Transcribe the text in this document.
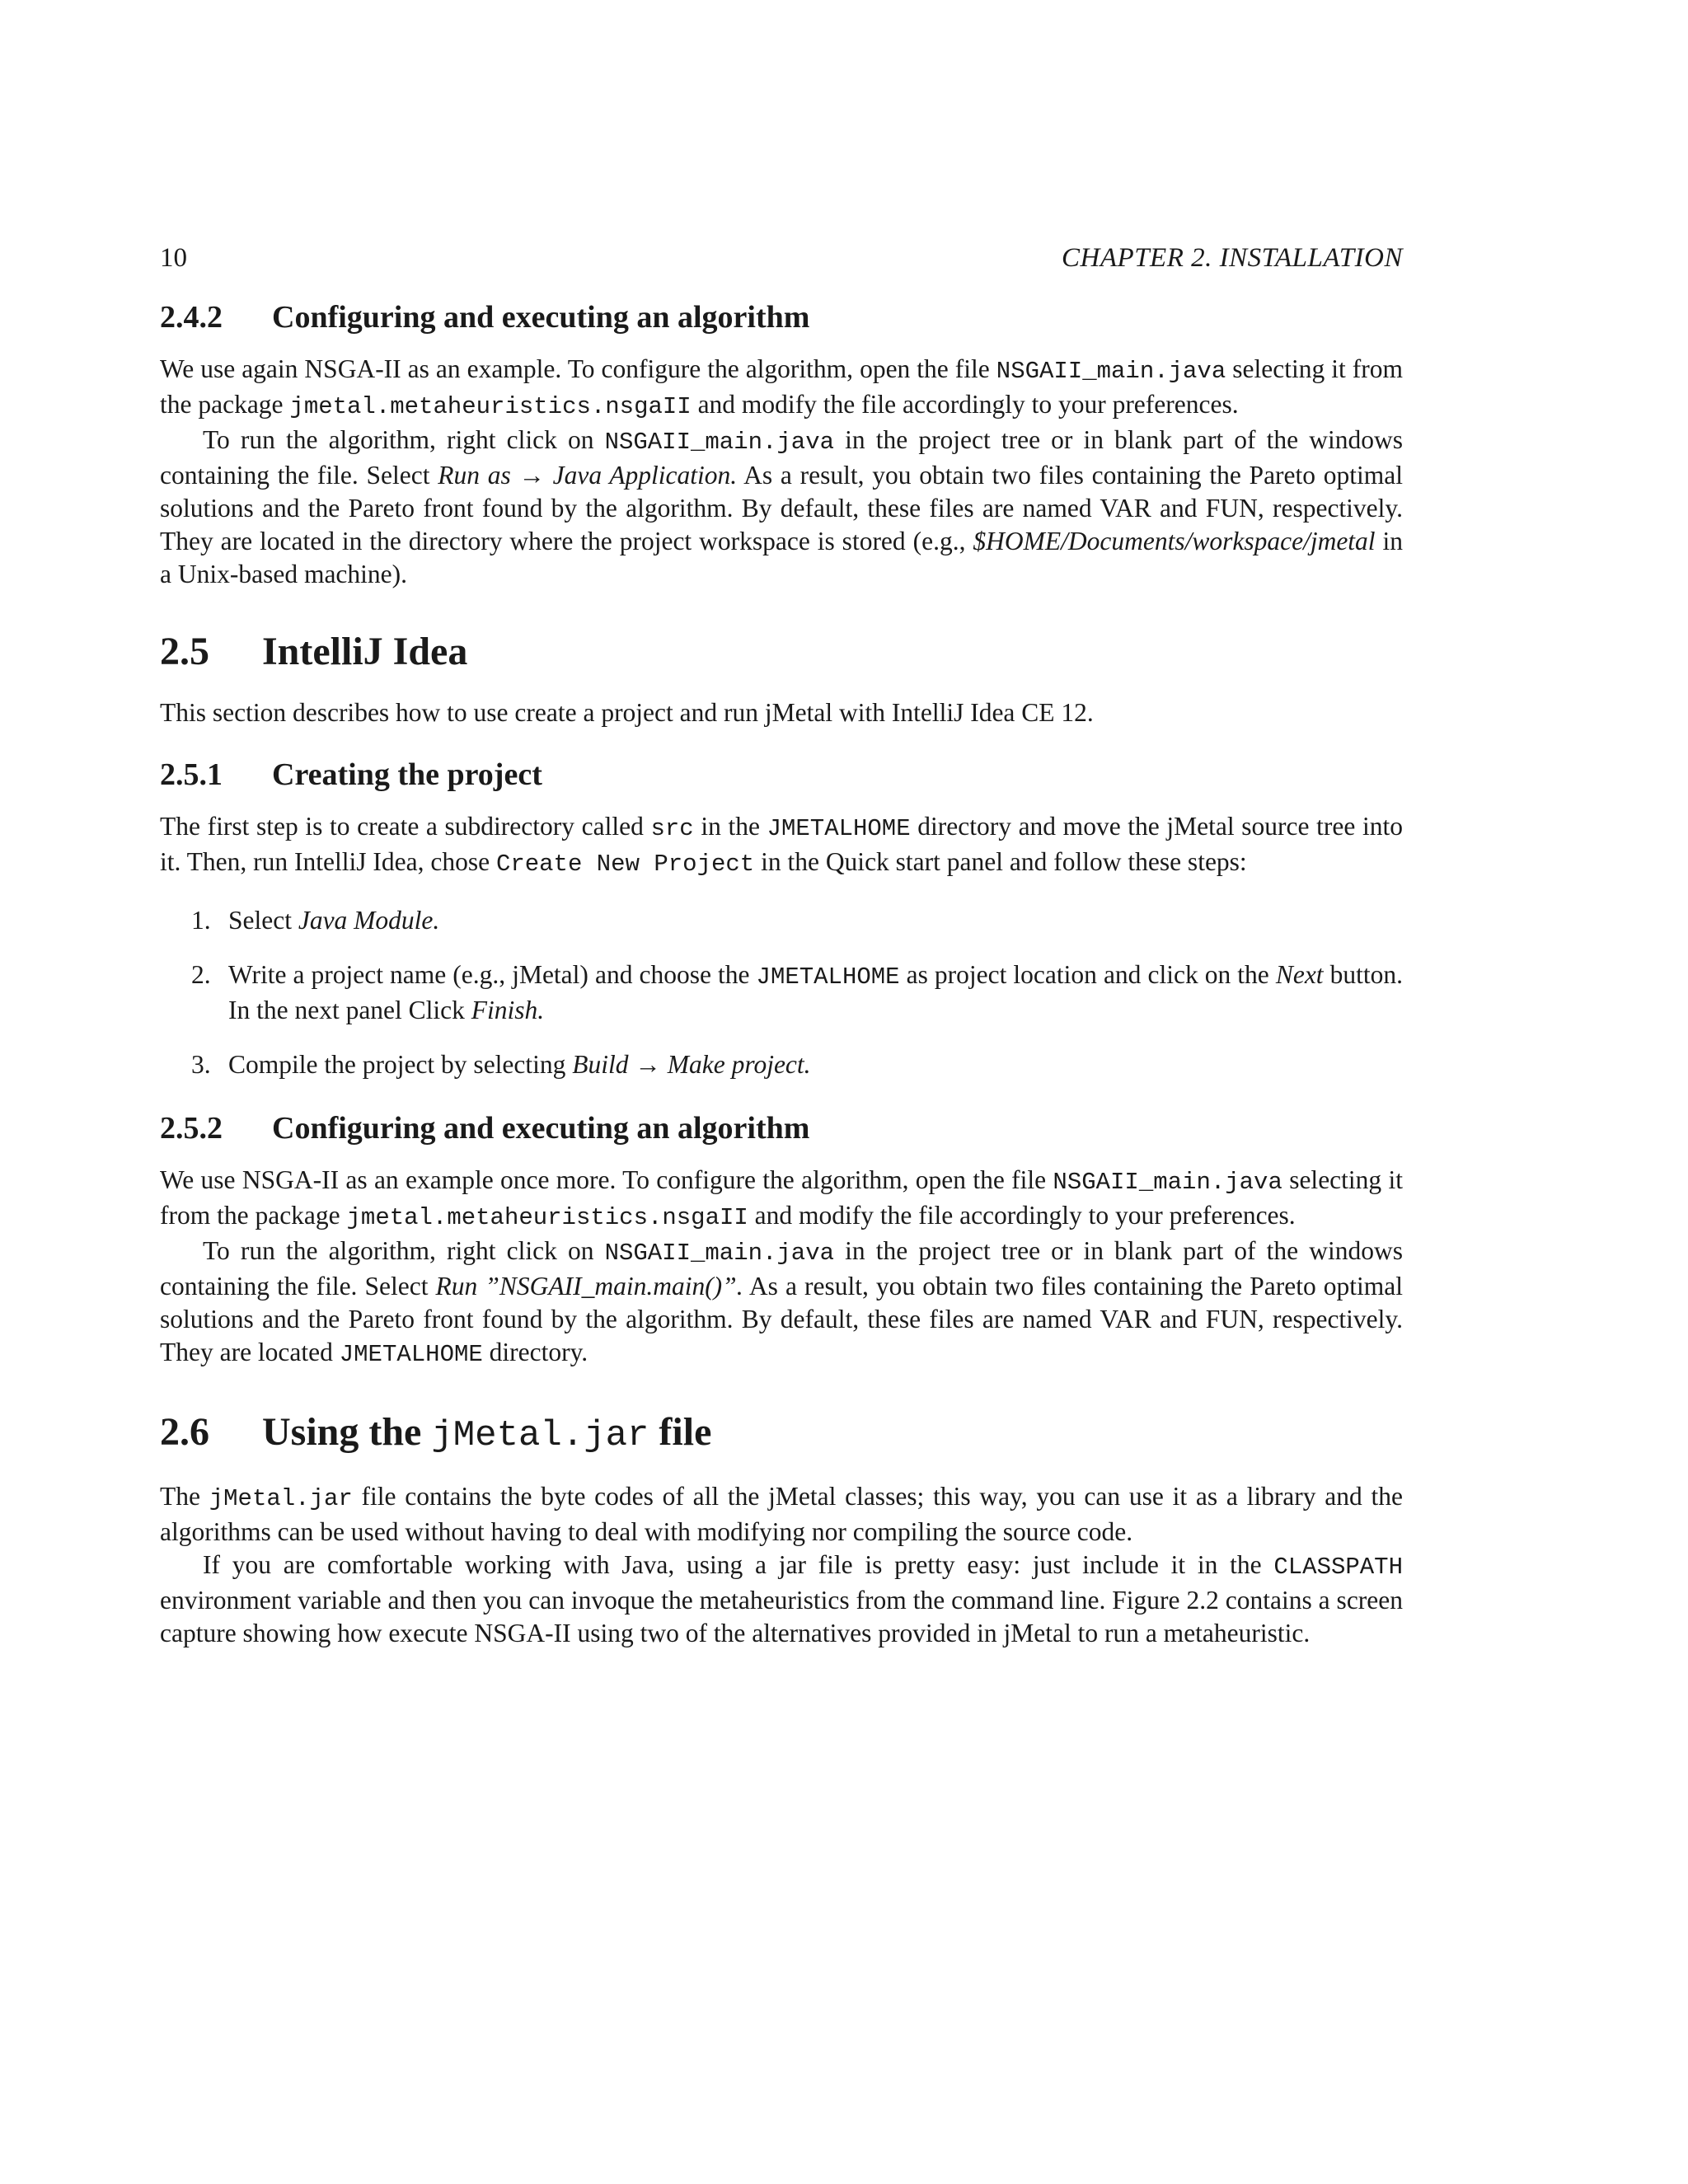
10	CHAPTER 2. INSTALLATION
2.4.2 Configuring and executing an algorithm

We use again NSGA-II as an example. To configure the algorithm, open the file NSGAII_main.java selecting it from the package jmetal.metaheuristics.nsgaII and modify the file accordingly to your preferences.

To run the algorithm, right click on NSGAII_main.java in the project tree or in blank part of the windows containing the file. Select Run as → Java Application. As a result, you obtain two files containing the Pareto optimal solutions and the Pareto front found by the algorithm. By default, these files are named VAR and FUN, respectively. They are located in the directory where the project workspace is stored (e.g., $HOME/Documents/workspace/jmetal in a Unix-based machine).

2.5 IntelliJ Idea

This section describes how to use create a project and run jMetal with IntelliJ Idea CE 12.

2.5.1 Creating the project

The first step is to create a subdirectory called src in the JMETALHOME directory and move the jMetal source tree into it. Then, run IntelliJ Idea, chose Create New Project in the Quick start panel and follow these steps:

1. Select Java Module.
2. Write a project name (e.g., jMetal) and choose the JMETALHOME as project location and click on the Next button. In the next panel Click Finish.
3. Compile the project by selecting Build → Make project.
2.5.2 Configuring and executing an algorithm

We use NSGA-II as an example once more. To configure the algorithm, open the file NSGAII_main.java selecting it from the package jmetal.metaheuristics.nsgaII and modify the file accordingly to your preferences.

To run the algorithm, right click on NSGAII_main.java in the project tree or in blank part of the windows containing the file. Select Run ”NSGAII_main.main()”. As a result, you obtain two files containing the Pareto optimal solutions and the Pareto front found by the algorithm. By default, these files are named VAR and FUN, respectively. They are located JMETALHOME directory.

2.6 Using the jMetal.jar file

The jMetal.jar file contains the byte codes of all the jMetal classes; this way, you can use it as a library and the algorithms can be used without having to deal with modifying nor compiling the source code.

If you are comfortable working with Java, using a jar file is pretty easy: just include it in the CLASSPATH environment variable and then you can invoque the metaheuristics from the command line. Figure 2.2 contains a screen capture showing how execute NSGA-II using two of the alternatives provided in jMetal to run a metaheuristic.
